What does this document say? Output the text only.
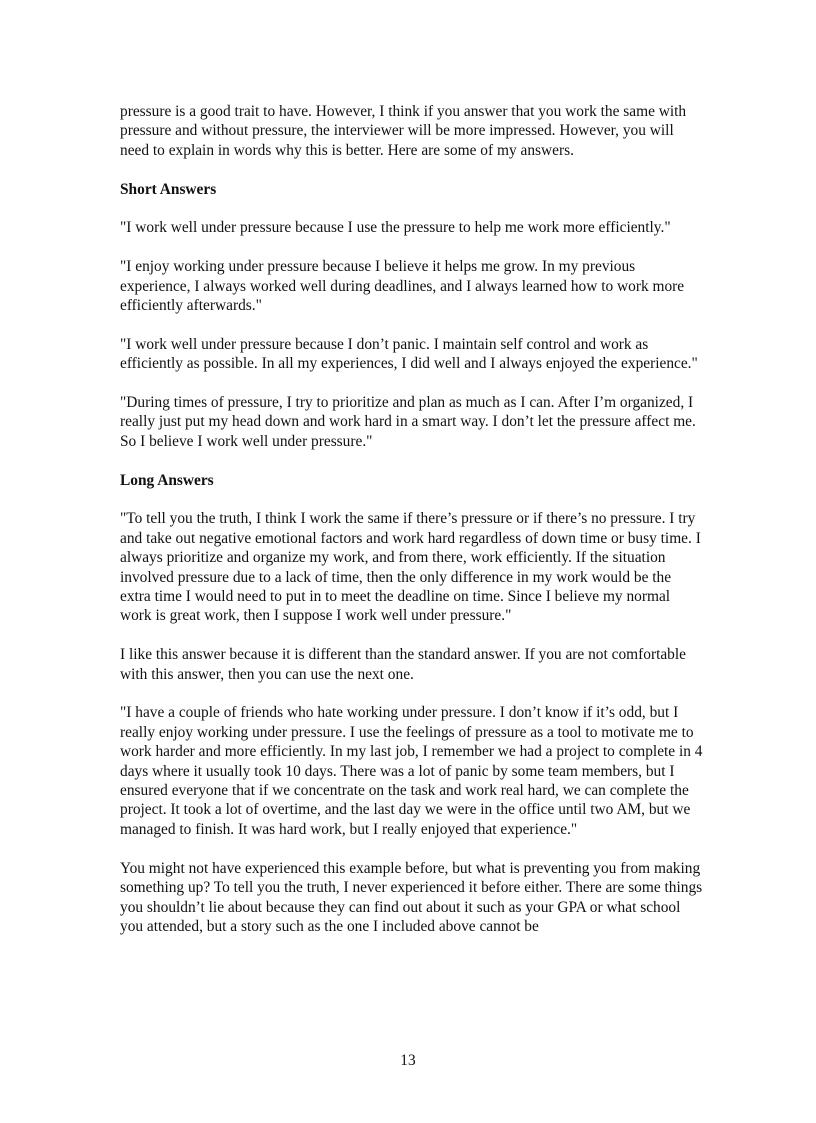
pressure is a good trait to have. However, I think if you answer that you work the same with pressure and without pressure, the interviewer will be more impressed. However, you will need to explain in words why this is better. Here are some of my answers.

Short Answers

"I work well under pressure because I use the pressure to help me work more efficiently."

"I enjoy working under pressure because I believe it helps me grow. In my previous experience, I always worked well during deadlines, and I always learned how to work more efficiently afterwards."

"I work well under pressure because I don’t panic. I maintain self control and work as efficiently as possible. In all my experiences, I did well and I always enjoyed the experience."

"During times of pressure, I try to prioritize and plan as much as I can. After I’m organized, I really just put my head down and work hard in a smart way. I don’t let the pressure affect me. So I believe I work well under pressure."

Long Answers

"To tell you the truth, I think I work the same if there’s pressure or if there’s no pressure. I try and take out negative emotional factors and work hard regardless of down time or busy time. I always prioritize and organize my work, and from there, work efficiently. If the situation involved pressure due to a lack of time, then the only difference in my work would be the extra time I would need to put in to meet the deadline on time. Since I believe my normal work is great work, then I suppose I work well under pressure."

I like this answer because it is different than the standard answer. If you are not comfortable with this answer, then you can use the next one.

"I have a couple of friends who hate working under pressure. I don’t know if it’s odd, but I really enjoy working under pressure. I use the feelings of pressure as a tool to motivate me to work harder and more efficiently. In my last job, I remember we had a project to complete in 4 days where it usually took 10 days. There was a lot of panic by some team members, but I ensured everyone that if we concentrate on the task and work real hard, we can complete the project. It took a lot of overtime, and the last day we were in the office until two AM, but we managed to finish. It was hard work, but I really enjoyed that experience."

You might not have experienced this example before, but what is preventing you from making something up? To tell you the truth, I never experienced it before either. There are some things you shouldn’t lie about because they can find out about it such as your GPA or what school you attended, but a story such as the one I included above cannot be

13
